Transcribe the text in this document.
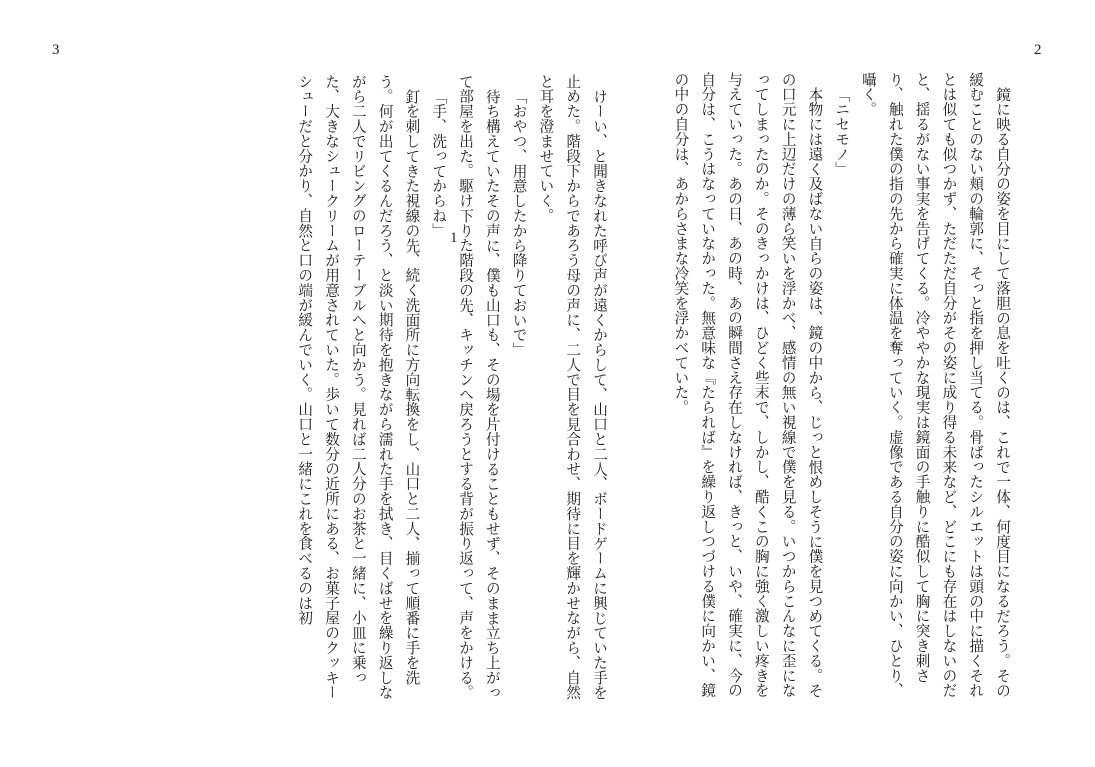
3	2
1	鏡に映る自分の姿を目にして落胆の息を吐くのは、これで一体、何度目になるだろう。その緩むことのない頬の輪郭に、そっと指を押し当てる。骨ばったシルエットは頭の中に描くそれとは似ても似つかず、ただただ自分がその姿に成り得る未来など、どこにも存在はしないのだと、揺るがない事実を告げてくる。冷ややかな現実は鏡面の手触りに酷似して胸に突き刺さり、触れた僕の指の先から確実に体温を奪っていく。虚像である自分の姿に向かい、ひとり、囁く。

「ニセモノ」

本物には遠く及ばない自らの姿は、鏡の中から、じっと恨めしそうに僕を見つめてくる。その口元に上辺だけの薄ら笑いを浮かべ、感情の無い視線で僕を見る。いつからこんなに歪になってしまったのか。そのきっかけは、ひどく些末で、しかし、酷くこの胸に強く激しい疼きを与えていった。あの日、あの時、あの瞬間さえ存在しなければ、きっと、いや、確実に、今の自分は、こうはなっていなかった。無意味な『たられば』を繰り返しつづける僕に向かい、鏡の中の自分は、あからさまな冷笑を浮かべていた。

けーい、と聞きなれた呼び声が遠くからして、山口と二人、ボードゲームに興じていた手を止めた。階段下からであろう母の声に、二人で目を見合わせ、期待に目を輝かせながら、自然と耳を澄ませていく。

「おやつ、用意したから降りておいで」

待ち構えていたその声に、僕も山口も、その場を片付けることもせず、そのまま立ち上がって部屋を出た。駆け下りた階段の先、キッチンへ戻ろうとする背が振り返って、声をかける。

「手、洗ってからね」

釘を刺してきた視線の先、続く洗面所に方向転換をし、山口と二人、揃って順番に手を洗う。何が出てくるんだろう、と淡い期待を抱きながら濡れた手を拭き、目くばせを繰り返しながら二人でリビングのローテーブルへと向かう。見れば二人分のお茶と一緒に、小皿に乗った、大きなシュークリームが用意されていた。歩いて数分の近所にある、お菓子屋のクッキーシューだと分かり、自然と口の端が緩んでいく。山口と一緒にこれを食べるのは初
